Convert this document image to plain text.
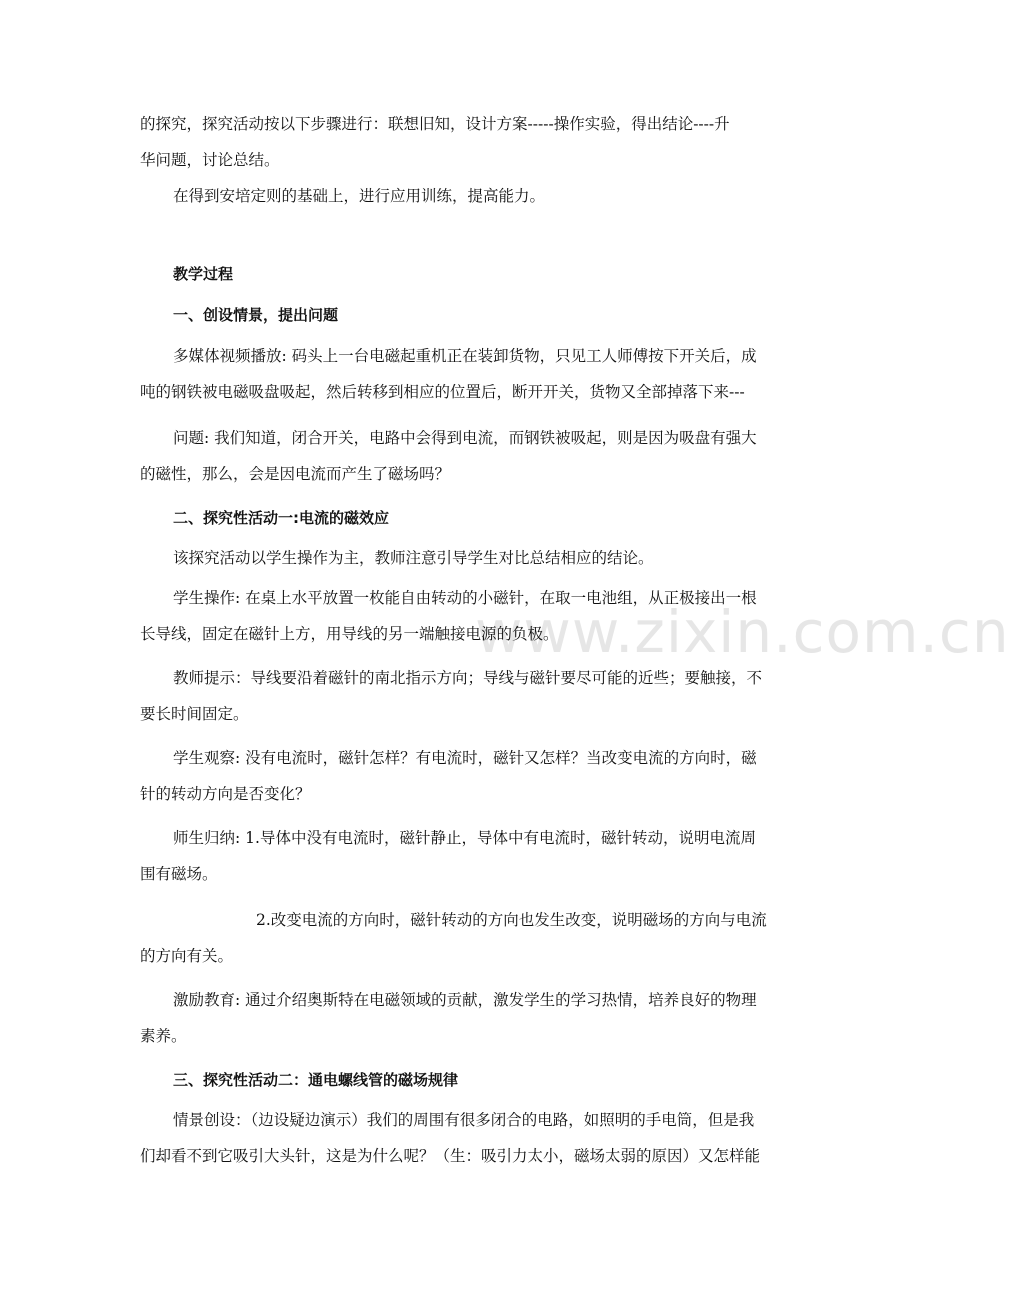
www.zixin.com.cn
的探究，探究活动按以下步骤进行：联想旧知，设计方案-----操作实验，得出结论----升
华问题，讨论总结。
在得到安培定则的基础上，进行应用训练，提高能力。
教学过程
一、创设情景，提出问题
多媒体视频播放: 码头上一台电磁起重机正在装卸货物，只见工人师傅按下开关后，成
吨的钢铁被电磁吸盘吸起，然后转移到相应的位置后，断开开关，货物又全部掉落下来---
问题: 我们知道，闭合开关，电路中会得到电流，而钢铁被吸起，则是因为吸盘有强大
的磁性，那么，会是因电流而产生了磁场吗？
二、探究性活动一:电流的磁效应
该探究活动以学生操作为主，教师注意引导学生对比总结相应的结论。
学生操作: 在桌上水平放置一枚能自由转动的小磁针，在取一电池组，从正极接出一根
长导线，固定在磁针上方，用导线的另一端触接电源的负极。
教师提示：导线要沿着磁针的南北指示方向；导线与磁针要尽可能的近些；要触接，不
要长时间固定。
学生观察: 没有电流时，磁针怎样？有电流时，磁针又怎样？当改变电流的方向时，磁
针的转动方向是否变化？
师生归纳: 1.导体中没有电流时，磁针静止，导体中有电流时，磁针转动，说明电流周
围有磁场。
2.改变电流的方向时，磁针转动的方向也发生改变，说明磁场的方向与电流
的方向有关。
激励教育: 通过介绍奥斯特在电磁领域的贡献，激发学生的学习热情，培养良好的物理
素养。
三、探究性活动二：通电螺线管的磁场规律
情景创设：（边设疑边演示）我们的周围有很多闭合的电路，如照明的手电筒，但是我
们却看不到它吸引大头针，这是为什么呢？（生：吸引力太小，磁场太弱的原因）又怎样能
